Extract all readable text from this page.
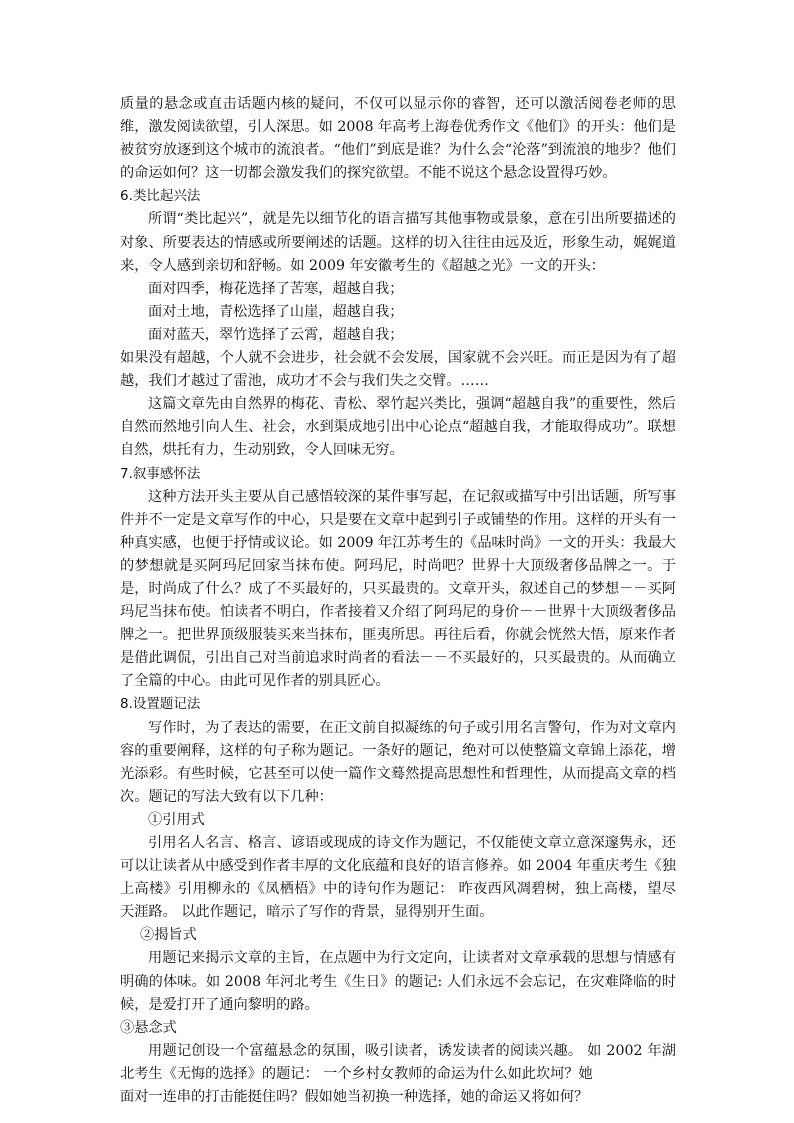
质量的悬念或直击话题内核的疑问，不仅可以显示你的睿智，还可以激活阅卷老师的思维，激发阅读欲望，引人深思。如 2008 年高考上海卷优秀作文《他们》的开头：他们是被贫穷放逐到这个城市的流浪者。“他们”到底是谁？为什么会“沦落”到流浪的地步？他们的命运如何？这一切都会激发我们的探究欲望。不能不说这个悬念设置得巧妙。

6.类比起兴法

所谓“类比起兴”，就是先以细节化的语言描写其他事物或景象，意在引出所要描述的对象、所要表达的情感或所要阐述的话题。这样的切入往往由远及近，形象生动，娓娓道来，令人感到亲切和舒畅。如 2009 年安徽考生的《超越之光》一文的开头：

面对四季，梅花选择了苦寒，超越自我；

面对土地，青松选择了山崖，超越自我；

面对蓝天，翠竹选择了云霄，超越自我；

如果没有超越，个人就不会进步，社会就不会发展，国家就不会兴旺。而正是因为有了超越，我们才越过了雷池，成功才不会与我们失之交臂。……

这篇文章先由自然界的梅花、青松、翠竹起兴类比，强调“超越自我”的重要性，然后自然而然地引向人生、社会，水到渠成地引出中心论点“超越自我，才能取得成功”。联想自然，烘托有力，生动别致，令人回味无穷。

7.叙事感怀法

这种方法开头主要从自己感悟较深的某件事写起，在记叙或描写中引出话题，所写事件并不一定是文章写作的中心，只是要在文章中起到引子或铺垫的作用。这样的开头有一种真实感，也便于抒情或议论。如 2009 年江苏考生的《品味时尚》一文的开头：我最大的梦想就是买阿玛尼回家当抹布使。阿玛尼，时尚吧？世界十大顶级奢侈品牌之一。于是，时尚成了什么？成了不买最好的，只买最贵的。文章开头，叙述自己的梦想－－买阿玛尼当抹布使。怕读者不明白，作者接着又介绍了阿玛尼的身价－－世界十大顶级奢侈品牌之一。把世界顶级服装买来当抹布，匪夷所思。再往后看，你就会恍然大悟，原来作者是借此调侃，引出自己对当前追求时尚者的看法－－不买最好的，只买最贵的。从而确立了全篇的中心。由此可见作者的别具匠心。

8.设置题记法

写作时，为了表达的需要，在正文前自拟凝练的句子或引用名言警句，作为对文章内容的重要阐释，这样的句子称为题记。一条好的题记，绝对可以使整篇文章锦上添花，增光添彩。有些时候，它甚至可以使一篇作文蓦然提高思想性和哲理性，从而提高文章的档次。题记的写法大致有以下几种：

①引用式

引用名人名言、格言、谚语或现成的诗文作为题记，不仅能使文章立意深邃隽永，还可以让读者从中感受到作者丰厚的文化底蕴和良好的语言修养。如 2004 年重庆考生《独上高楼》引用柳永的《凤栖梧》中的诗句作为题记： 昨夜西风凋碧树，独上高楼，望尽天涯路。 以此作题记，暗示了写作的背景，显得别开生面。

②揭旨式

用题记来揭示文章的主旨，在点题中为行文定向，让读者对文章承载的思想与情感有明确的体味。如 2008 年河北考生《生日》的题记: 人们永远不会忘记，在灾难降临的时候，是爱打开了通向黎明的路。

③悬念式

用题记创设一个富蕴悬念的氛围，吸引读者，诱发读者的阅读兴趣。 如 2002 年湖北考生《无悔的选择》的题记： 一个乡村女教师的命运为什么如此坎坷？她

面对一连串的打击能挺住吗？假如她当初换一种选择，她的命运又将如何？
